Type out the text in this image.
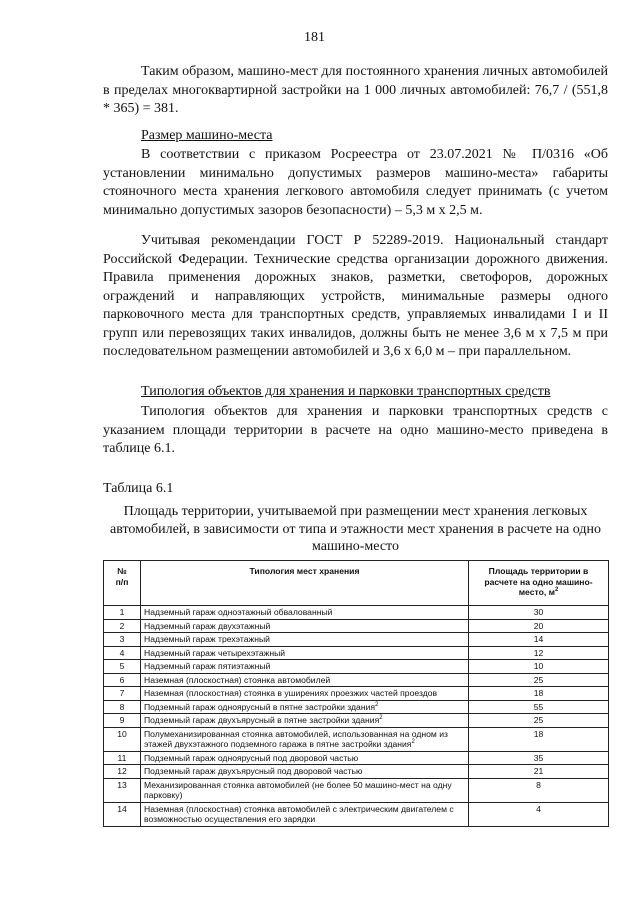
181

Таким образом, машино-мест для постоянного хранения личных автомобилей в пределах многоквартирной застройки на 1 000 личных автомобилей: 76,7 / (551,8 * 365) = 381.

Размер машино-места

В соответствии с приказом Росреестра от 23.07.2021 № П/0316 «Об установлении минимально допустимых размеров машино-места» габариты стояночного места хранения легкового автомобиля следует принимать (с учетом минимально допустимых зазоров безопасности) – 5,3 м х 2,5 м.

Учитывая рекомендации ГОСТ Р 52289-2019. Национальный стандарт Российской Федерации. Технические средства организации дорожного движения. Правила применения дорожных знаков, разметки, светофоров, дорожных ограждений и направляющих устройств, минимальные размеры одного парковочного места для транспортных средств, управляемых инвалидами I и II групп или перевозящих таких инвалидов, должны быть не менее 3,6 м х 7,5 м при последовательном размещении автомобилей и 3,6 х 6,0 м – при параллельном.

Типология объектов для хранения и парковки транспортных средств

Типология объектов для хранения и парковки транспортных средств с указанием площади территории в расчете на одно машино-место приведена в таблице 6.1.

Таблица 6.1

Площадь территории, учитываемой при размещении мест хранения легковых автомобилей, в зависимости от типа и этажности мест хранения в расчете на одно машино-место

№
п/п	Типология мест хранения	Площадь территории в расчете на одно машино-место, $м^2$
1	Надземный гараж одноэтажный обвалованный	30
2	Надземный гараж двухэтажный	20
3	Надземный гараж трехэтажный	14
4	Надземный гараж четырехэтажный	12
5	Надземный гараж пятиэтажный	10
6	Наземная (плоскостная) стоянка автомобилей	25
7	Наземная (плоскостная) стоянка в уширениях проезжих частей проездов	18
8	Подземный гараж одноярусный в пятне застройки здания$^2$	55
9	Подземный гараж двухъярусный в пятне застройки здания$^2$	25
10	Полумеханизированная стоянка автомобилей, использованная на одном из этажей двухэтажного подземного гаража в пятне застройки здания$^2$	18
11	Подземный гараж одноярусный под дворовой частью	35
12	Подземный гараж двухъярусный под дворовой частью	21
13	Механизированная стоянка автомобилей (не более 50 машино-мест на одну парковку)	8
14	Наземная (плоскостная) стоянка автомобилей с электрическим двигателем с возможностью осуществления его зарядки	4
